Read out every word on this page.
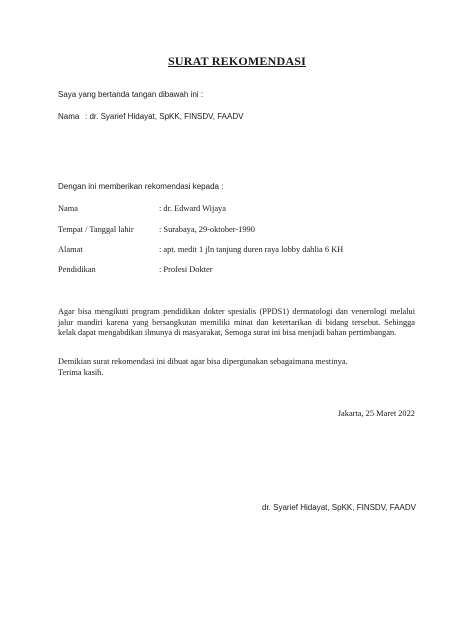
SURAT REKOMENDASI
Saya yang bertanda tangan dibawah ini :
Nama : dr. Syarief Hidayat, SpKK, FINSDV, FAADV
Dengan ini memberikan rekomendasi kepada :
Nama	: dr. Edward Wijaya
Tempat / Tanggal lahir	: Surabaya, 29-oktober-1990
Alamat	: apt. medit 1 jln tanjung duren raya lobby dahlia 6 KH
Pendidikan	: Profesi Dokter

Agar bisa mengikuti program pendidikan dokter spesialis (PPDS1) dermatologi dan venerologi melalui jalur mandiri karena yang bersangkutan memiliki minat dan ketertarikan di bidang tersebut. Sehingga kelak dapat mengabdikan ilmunya di masyarakat, Semoga surat ini bisa menjadi bahan pertimbangan.

Demikian surat rekomendasi ini dibuat agar bisa dipergunakan sebagaimana mestinya.
Terima kasih.
Jakarta, 25 Maret 2022
dr. Syarief Hidayat, SpKK, FINSDV, FAADV
